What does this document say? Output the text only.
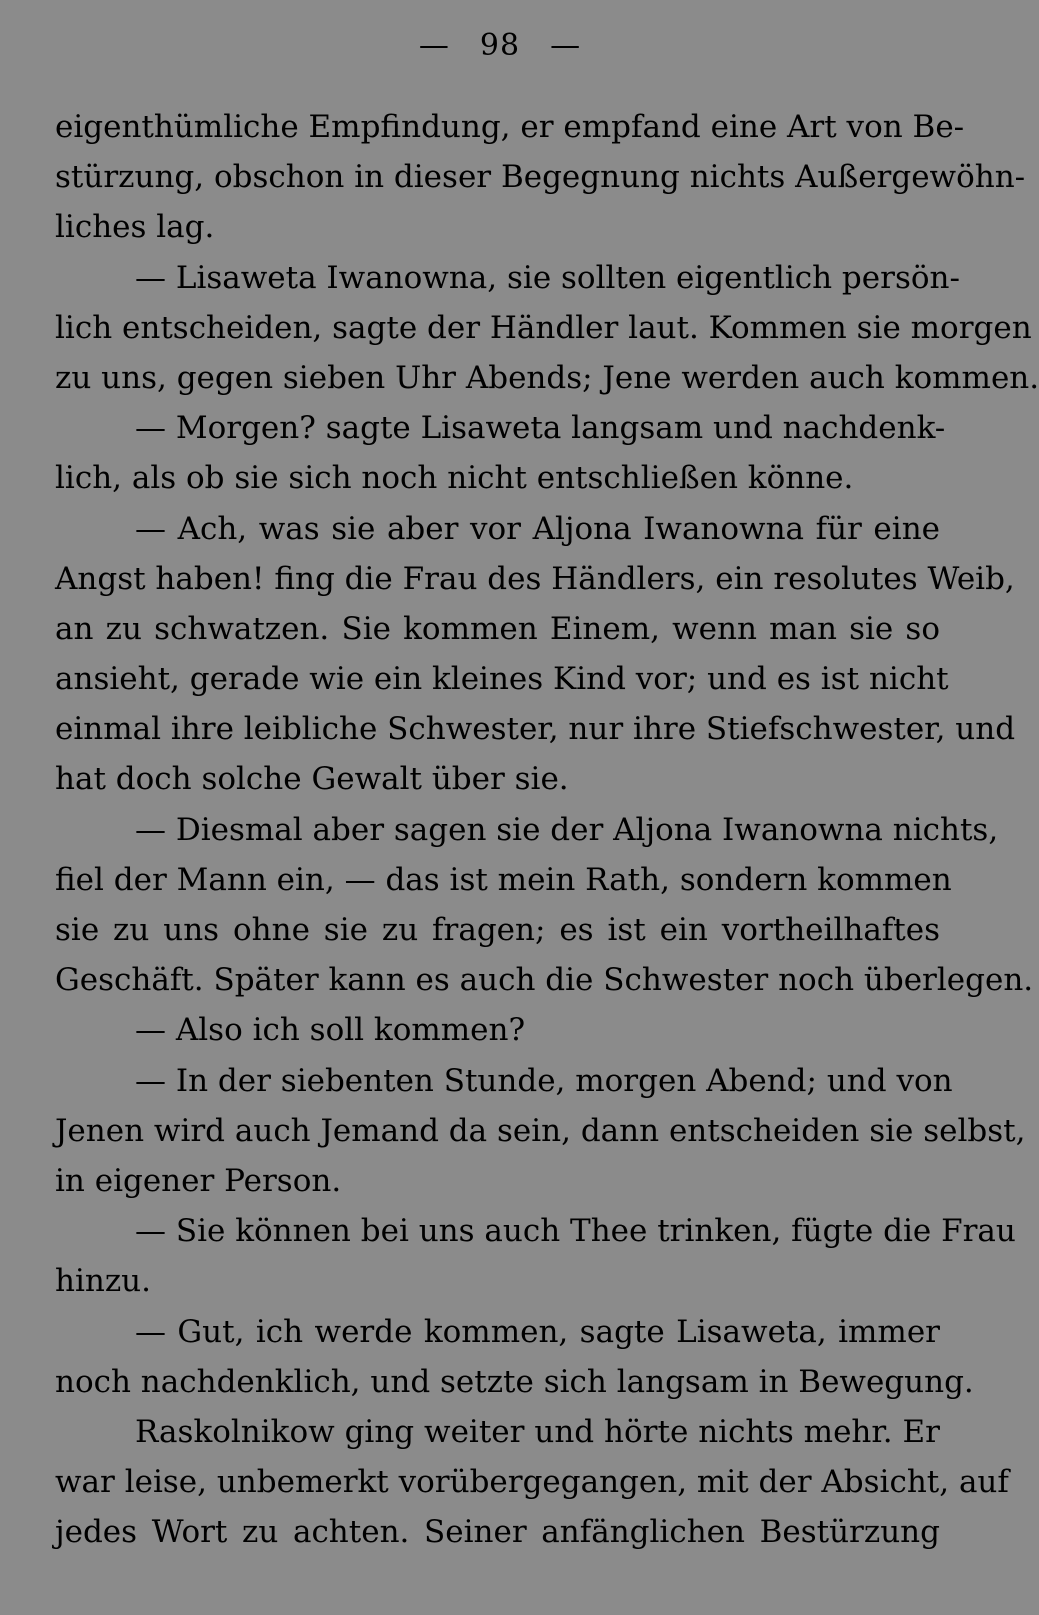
— 98 —
eigenthümliche Empfindung, er empfand eine Art von Be-
stürzung, obschon in dieser Begegnung nichts Außergewöhn-
liches lag.
— Lisaweta Iwanowna, sie sollten eigentlich persön-
lich entscheiden, sagte der Händler laut. Kommen sie morgen
zu uns, gegen sieben Uhr Abends; Jene werden auch kommen.
— Morgen? sagte Lisaweta langsam und nachdenk-
lich, als ob sie sich noch nicht entschließen könne.
— Ach, was sie aber vor Aljona Iwanowna für eine
Angst haben! fing die Frau des Händlers, ein resolutes Weib,
an zu schwatzen. Sie kommen Einem, wenn man sie so
ansieht, gerade wie ein kleines Kind vor; und es ist nicht
einmal ihre leibliche Schwester, nur ihre Stiefschwester, und
hat doch solche Gewalt über sie.
— Diesmal aber sagen sie der Aljona Iwanowna nichts,
fiel der Mann ein, — das ist mein Rath, sondern kommen
sie zu uns ohne sie zu fragen; es ist ein vortheilhaftes
Geschäft. Später kann es auch die Schwester noch überlegen.
— Also ich soll kommen?
— In der siebenten Stunde, morgen Abend; und von
Jenen wird auch Jemand da sein, dann entscheiden sie selbst,
in eigener Person.
— Sie können bei uns auch Thee trinken, fügte die Frau
hinzu.
— Gut, ich werde kommen, sagte Lisaweta, immer
noch nachdenklich, und setzte sich langsam in Bewegung.
Raskolnikow ging weiter und hörte nichts mehr. Er
war leise, unbemerkt vorübergegangen, mit der Absicht, auf
jedes Wort zu achten. Seiner anfänglichen Bestürzung
